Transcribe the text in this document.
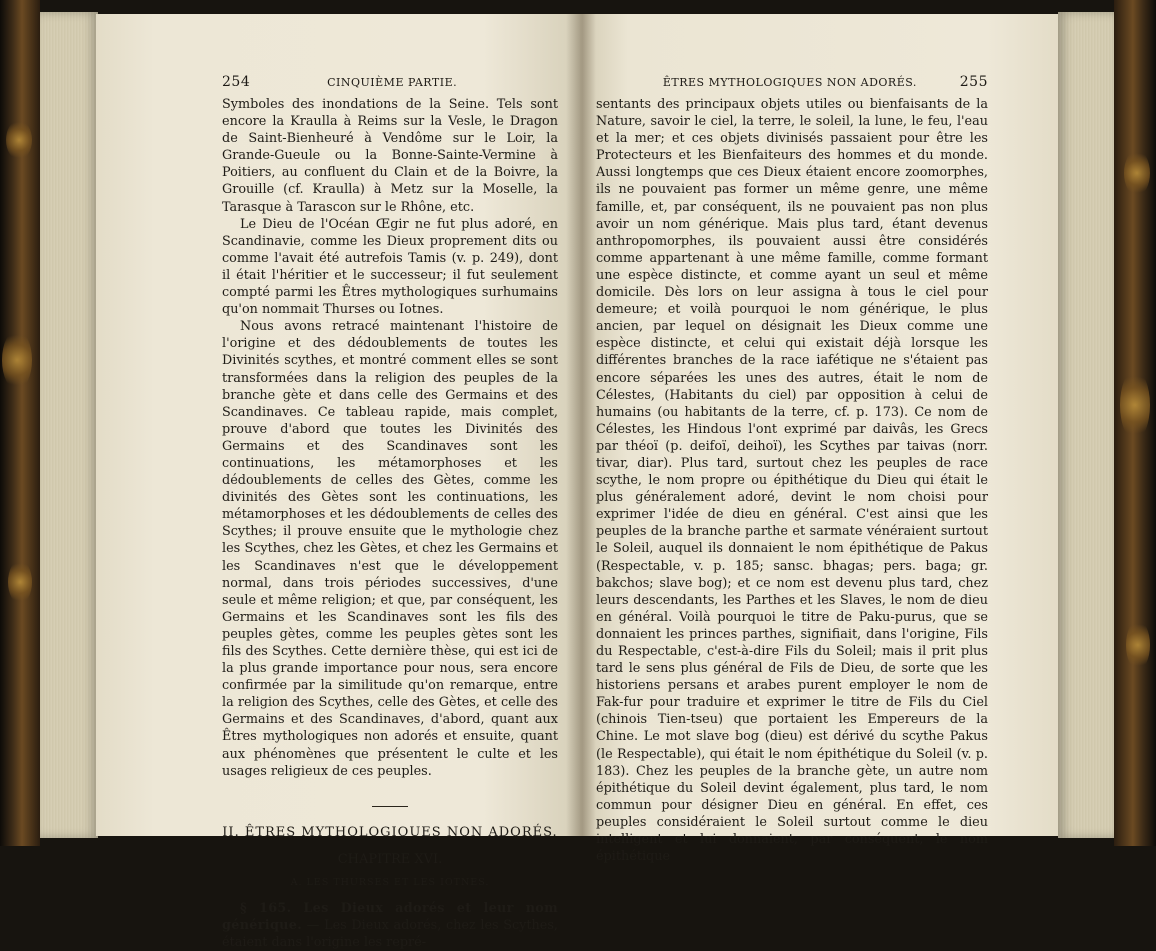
254	CINQUIÈME PARTIE.

Symboles des inondations de la Seine. Tels sont encore la Kraulla à Reims sur la Vesle, le Dragon de Saint-Bienheuré à Vendôme sur le Loir, la Grande-Gueule ou la Bonne-Sainte-Vermine à Poitiers, au confluent du Clain et de la Boivre, la Grouille (cf. Kraulla) à Metz sur la Moselle, la Tarasque à Tarascon sur le Rhône, etc.

Le Dieu de l'Océan Œgir ne fut plus adoré, en Scandinavie, comme les Dieux proprement dits ou comme l'avait été autrefois Tamis (v. p. 249), dont il était l'héritier et le successeur; il fut seulement compté parmi les Êtres mythologiques surhumains qu'on nommait Thurses ou Iotnes.

Nous avons retracé maintenant l'histoire de l'origine et des dédoublements de toutes les Divinités scythes, et montré comment elles se sont transformées dans la religion des peuples de la branche gète et dans celle des Germains et des Scandinaves. Ce tableau rapide, mais complet, prouve d'abord que toutes les Divinités des Germains et des Scandinaves sont les continuations, les métamorphoses et les dédoublements de celles des Gètes, comme les divinités des Gètes sont les continuations, les métamorphoses et les dédoublements de celles des Scythes; il prouve ensuite que le mythologie chez les Scythes, chez les Gètes, et chez les Germains et les Scandinaves n'est que le développement normal, dans trois périodes successives, d'une seule et même religion; et que, par conséquent, les Germains et les Scandinaves sont les fils des peuples gètes, comme les peuples gètes sont les fils des Scythes. Cette dernière thèse, qui est ici de la plus grande importance pour nous, sera encore confirmée par la similitude qu'on remarque, entre la religion des Scythes, celle des Gètes, et celle des Germains et des Scandinaves, d'abord, quant aux Êtres mythologiques non adorés et ensuite, quant aux phénomènes que présentent le culte et les usages religieux de ces peuples.

II. ÊTRES MYTHOLOGIQUES NON ADORÉS.
CHAPITRE XVI.
A. LES THURSES ET LES IOTNES.
§ 165. Les Dieux adorés et leur nom générique. — Les Dieux adorés, chez les Scythes, étaient dans l'origine les repré-
ÊTRES MYTHOLOGIQUES NON ADORÉS.	255

sentants des principaux objets utiles ou bienfaisants de la Nature, savoir le ciel, la terre, le soleil, la lune, le feu, l'eau et la mer; et ces objets divinisés passaient pour être les Protecteurs et les Bienfaiteurs des hommes et du monde. Aussi longtemps que ces Dieux étaient encore zoomorphes, ils ne pouvaient pas former un même genre, une même famille, et, par conséquent, ils ne pouvaient pas non plus avoir un nom générique. Mais plus tard, étant devenus anthropomorphes, ils pouvaient aussi être considérés comme appartenant à une même famille, comme formant une espèce distincte, et comme ayant un seul et même domicile. Dès lors on leur assigna à tous le ciel pour demeure; et voilà pourquoi le nom générique, le plus ancien, par lequel on désignait les Dieux comme une espèce distincte, et celui qui existait déjà lorsque les différentes branches de la race iafétique ne s'étaient pas encore séparées les unes des autres, était le nom de Célestes, (Habitants du ciel) par opposition à celui de humains (ou habitants de la terre, cf. p. 173). Ce nom de Célestes, les Hindous l'ont exprimé par daivâs, les Grecs par théoï (p. deifoï, deihoï), les Scythes par taivas (norr. tivar, diar). Plus tard, surtout chez les peuples de race scythe, le nom propre ou épithétique du Dieu qui était le plus généralement adoré, devint le nom choisi pour exprimer l'idée de dieu en général. C'est ainsi que les peuples de la branche parthe et sarmate vénéraient surtout le Soleil, auquel ils donnaient le nom épithétique de Pakus (Respectable, v. p. 185; sansc. bhagas; pers. baga; gr. bakchos; slave bog); et ce nom est devenu plus tard, chez leurs descendants, les Parthes et les Slaves, le nom de dieu en général. Voilà pourquoi le titre de Paku-purus, que se donnaient les princes parthes, signifiait, dans l'origine, Fils du Respectable, c'est-à-dire Fils du Soleil; mais il prit plus tard le sens plus général de Fils de Dieu, de sorte que les historiens persans et arabes purent employer le nom de Fak-fur pour traduire et exprimer le titre de Fils du Ciel (chinois Tien-tseu) que portaient les Empereurs de la Chine. Le mot slave bog (dieu) est dérivé du scythe Pakus (le Respectable), qui était le nom épithétique du Soleil (v. p. 183). Chez les peuples de la branche gète, un autre nom épithétique du Soleil devint également, plus tard, le nom commun pour désigner Dieu en général. En effet, ces peuples considéraient le Soleil surtout comme le dieu intelligent et lui donnaient, par conséquent, le nom épithétique
